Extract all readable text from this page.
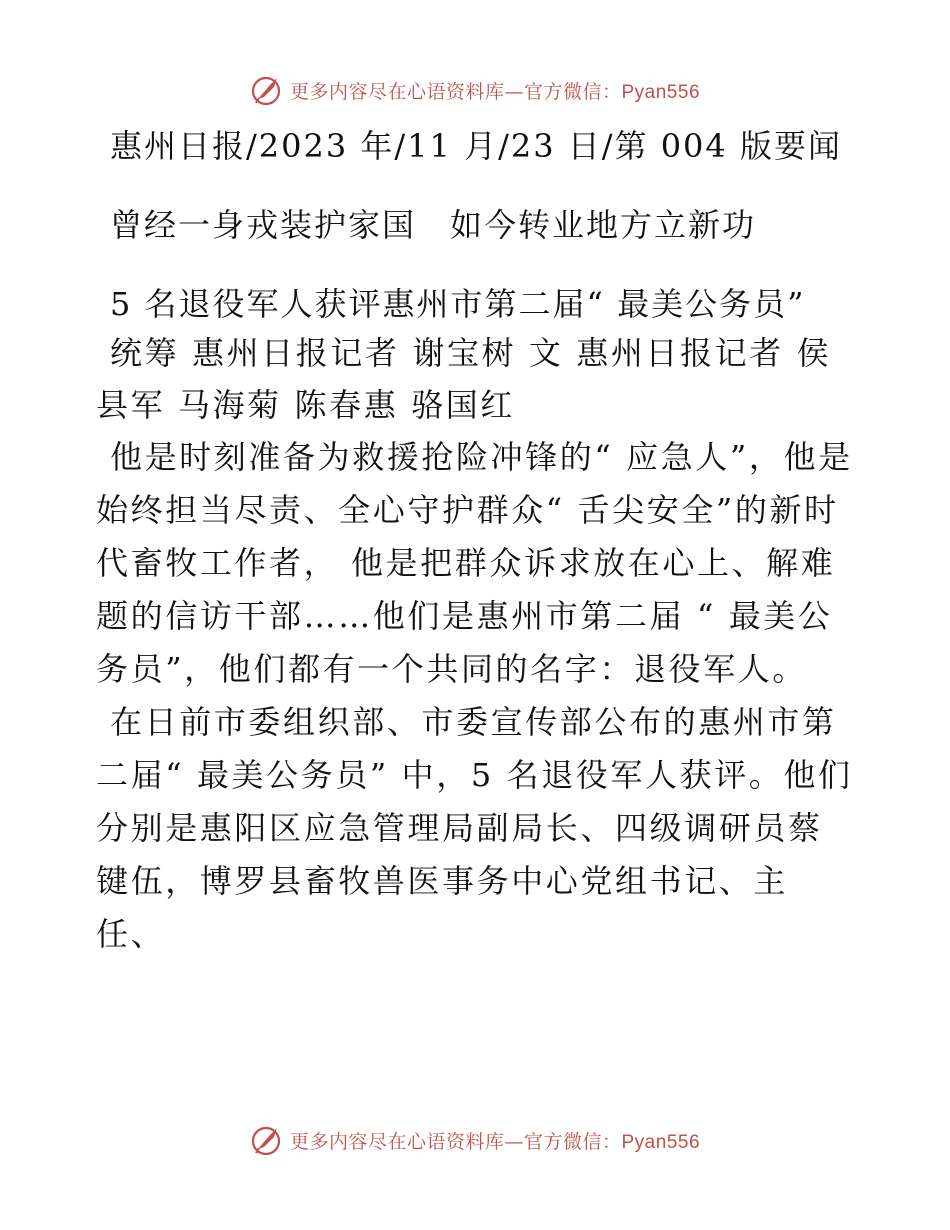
更多内容尽在心语资料库—官方微信：Pyan556

惠州日报/2023 年/11 月/23 日/第 004 版要闻

曾经一身戎装护家国　如今转业地方立新功

5 名退役军人获评惠州市第二届“ 最美公务员”

统筹 惠州日报记者 谢宝树 文 惠州日报记者 侯县军 马海菊 陈春惠 骆国红

他是时刻准备为救援抢险冲锋的“ 应急人”，他是始终担当尽责、全心守护群众“ 舌尖安全”的新时代畜牧工作者， 他是把群众诉求放在心上、解难题的信访干部……他们是惠州市第二届 “ 最美公务员”，他们都有一个共同的名字：退役军人。

在日前市委组织部、市委宣传部公布的惠州市第二届“ 最美公务员” 中，5 名退役军人获评。他们分别是惠阳区应急管理局副局长、四级调研员蔡键伍，博罗县畜牧兽医事务中心党组书记、主任、

更多内容尽在心语资料库—官方微信：Pyan556
